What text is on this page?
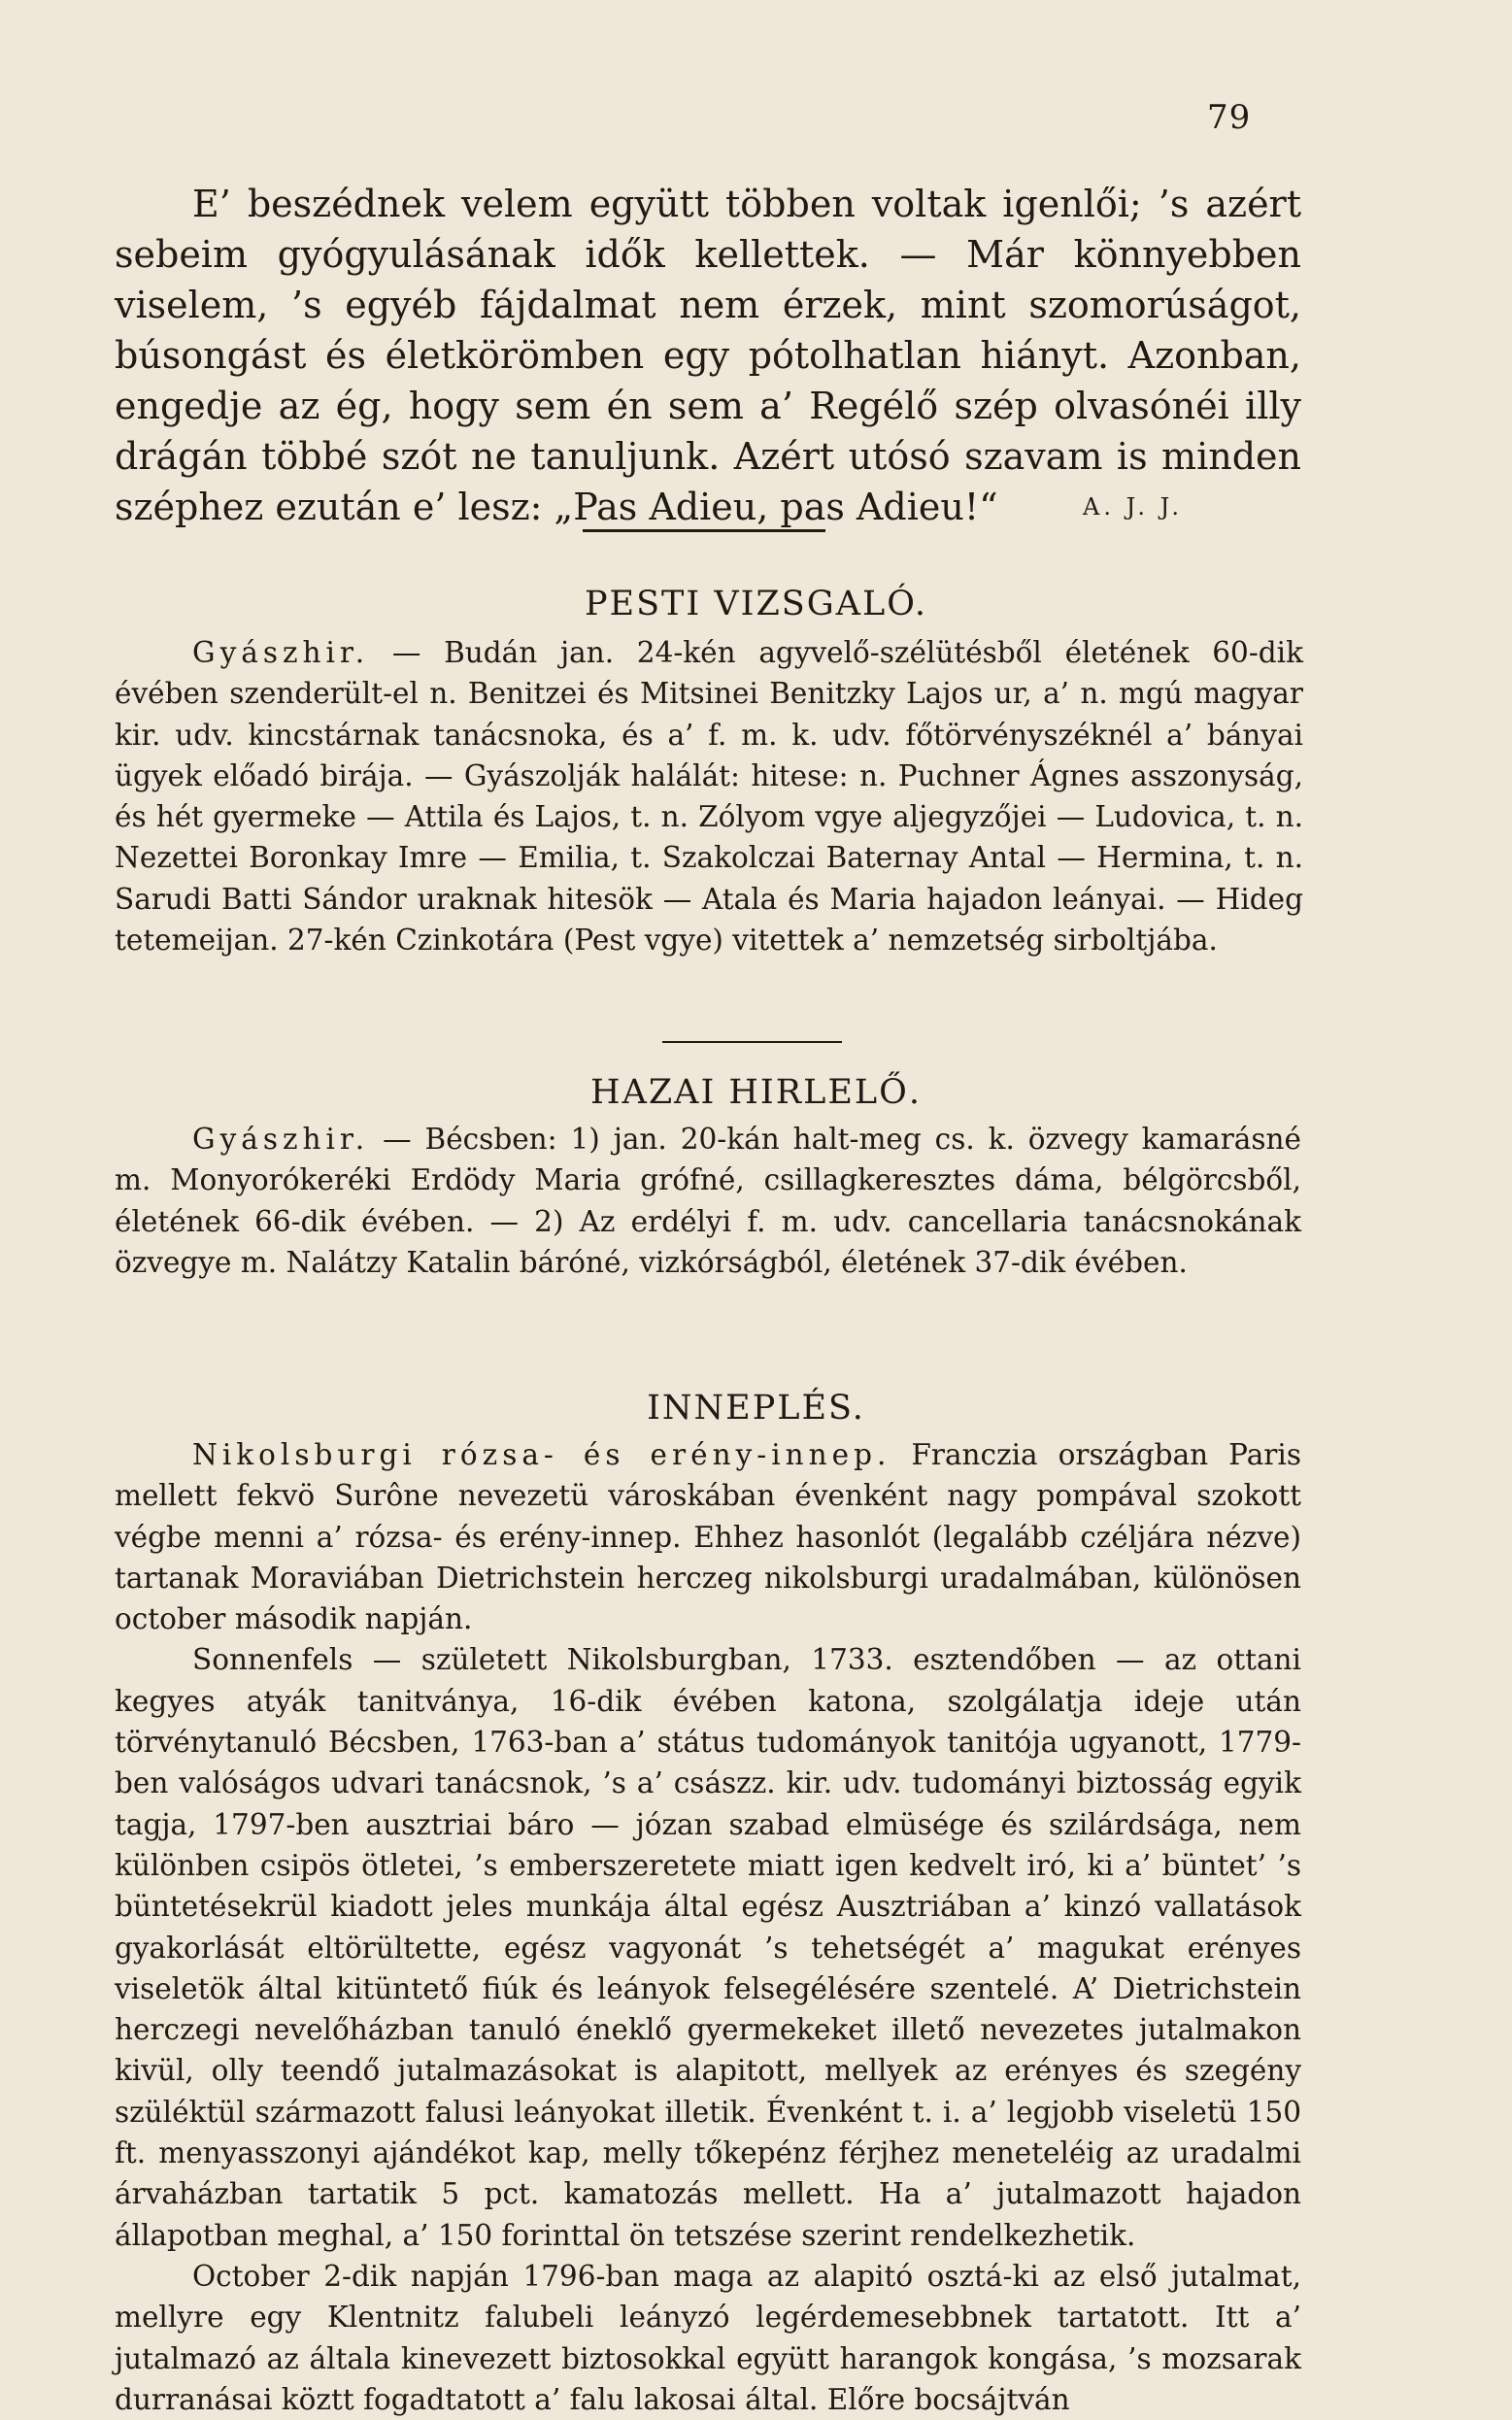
79

E’ beszédnek velem együtt többen voltak igenlői; ’s azért sebeim gyógyulásának idők kellettek. — Már könnyebben viselem, ’s egyéb fájdalmat nem érzek, mint szomorúságot, búsongást és életkörömben egy pótolhatlan hiányt. Azonban, engedje az ég, hogy sem én sem a’ Regélő szép olvasónéi illy drágán többé szót ne tanuljunk. Azért utósó szavam is minden széphez ezután e’ lesz: „Pas Adieu, pas Adieu!“	A. J. J.
PESTI VIZSGALÓ.

Gyászhir. — Budán jan. 24-kén agyvelő-szélütésből életének 60-dik évében szenderült-el n. Benitzei és Mitsinei Benitzky Lajos ur, a’ n. mgú magyar kir. udv. kincstárnak tanácsnoka, és a’ f. m. k. udv. főtörvényszéknél a’ bányai ügyek előadó birája. — Gyászolják halálát: hitese: n. Puchner Ágnes asszonyság, és hét gyermeke — Attila és Lajos, t. n. Zólyom vgye aljegyzőjei — Ludovica, t. n. Nezettei Boronkay Imre — Emilia, t. Szakolczai Baternay Antal — Hermina, t. n. Sarudi Batti Sándor uraknak hitesök — Atala és Maria hajadon leányai. — Hideg tetemeijan. 27-kén Czinkotára (Pest vgye) vitettek a’ nemzetség sirboltjába.

HAZAI HIRLELŐ.

Gyászhir. — Bécsben: 1) jan. 20-kán halt-meg cs. k. özvegy kamarásné m. Monyorókeréki Erdödy Maria grófné, csillagkeresztes dáma, bélgörcsből, életének 66-dik évében. — 2) Az erdélyi f. m. udv. cancellaria tanácsnokának özvegye m. Nalátzy Katalin báróné, vizkórságból, életének 37-dik évében.

INNEPLÉS.

Nikolsburgi rózsa- és erény-innep. Franczia országban Paris mellett fekvö Surône nevezetü városkában évenként nagy pompával szokott végbe menni a’ rózsa- és erény-innep. Ehhez hasonlót (legalább czéljára nézve) tartanak Moraviában Dietrichstein herczeg nikolsburgi uradalmában, különösen october második napján.

Sonnenfels — született Nikolsburgban, 1733. esztendőben — az ottani kegyes atyák tanitványa, 16-dik évében katona, szolgálatja ideje után törvénytanuló Bécsben, 1763-ban a’ státus tudományok tanitója ugyanott, 1779-ben valóságos udvari tanácsnok, ’s a’ császz. kir. udv. tudományi biztosság egyik tagja, 1797-ben ausztriai báro — józan szabad elmüsége és szilárdsága, nem különben csipös ötletei, ’s emberszeretete miatt igen kedvelt iró, ki a’ büntet’ ’s büntetésekrül kiadott jeles munkája által egész Ausztriában a’ kinzó vallatások gyakorlását eltörültette, egész vagyonát ’s tehetségét a’ magukat erényes viseletök által kitüntető fiúk és leányok felsegélésére szentelé. A’ Dietrichstein herczegi nevelőházban tanuló éneklő gyermekeket illető nevezetes jutalmakon kivül, olly teendő jutalmazásokat is alapitott, mellyek az erényes és szegény szüléktül származott falusi leányokat illetik. Évenként t. i. a’ legjobb viseletü 150 ft. menyasszonyi ajándékot kap, melly tőkepénz férjhez meneteléig az uradalmi árvaházban tartatik 5 pct. kamatozás mellett. Ha a’ jutalmazott hajadon állapotban meghal, a’ 150 forinttal ön tetszése szerint rendelkezhetik.

October 2-dik napján 1796-ban maga az alapitó osztá-ki az első jutalmat, mellyre egy Klentnitz falubeli leányzó legérdemesebbnek tartatott. Itt a’ jutalmazó az általa kinevezett biztosokkal együtt harangok kongása, ’s mozsarak durranásai köztt fogadtatott a’ falu lakosai által. Előre bocsájtván
